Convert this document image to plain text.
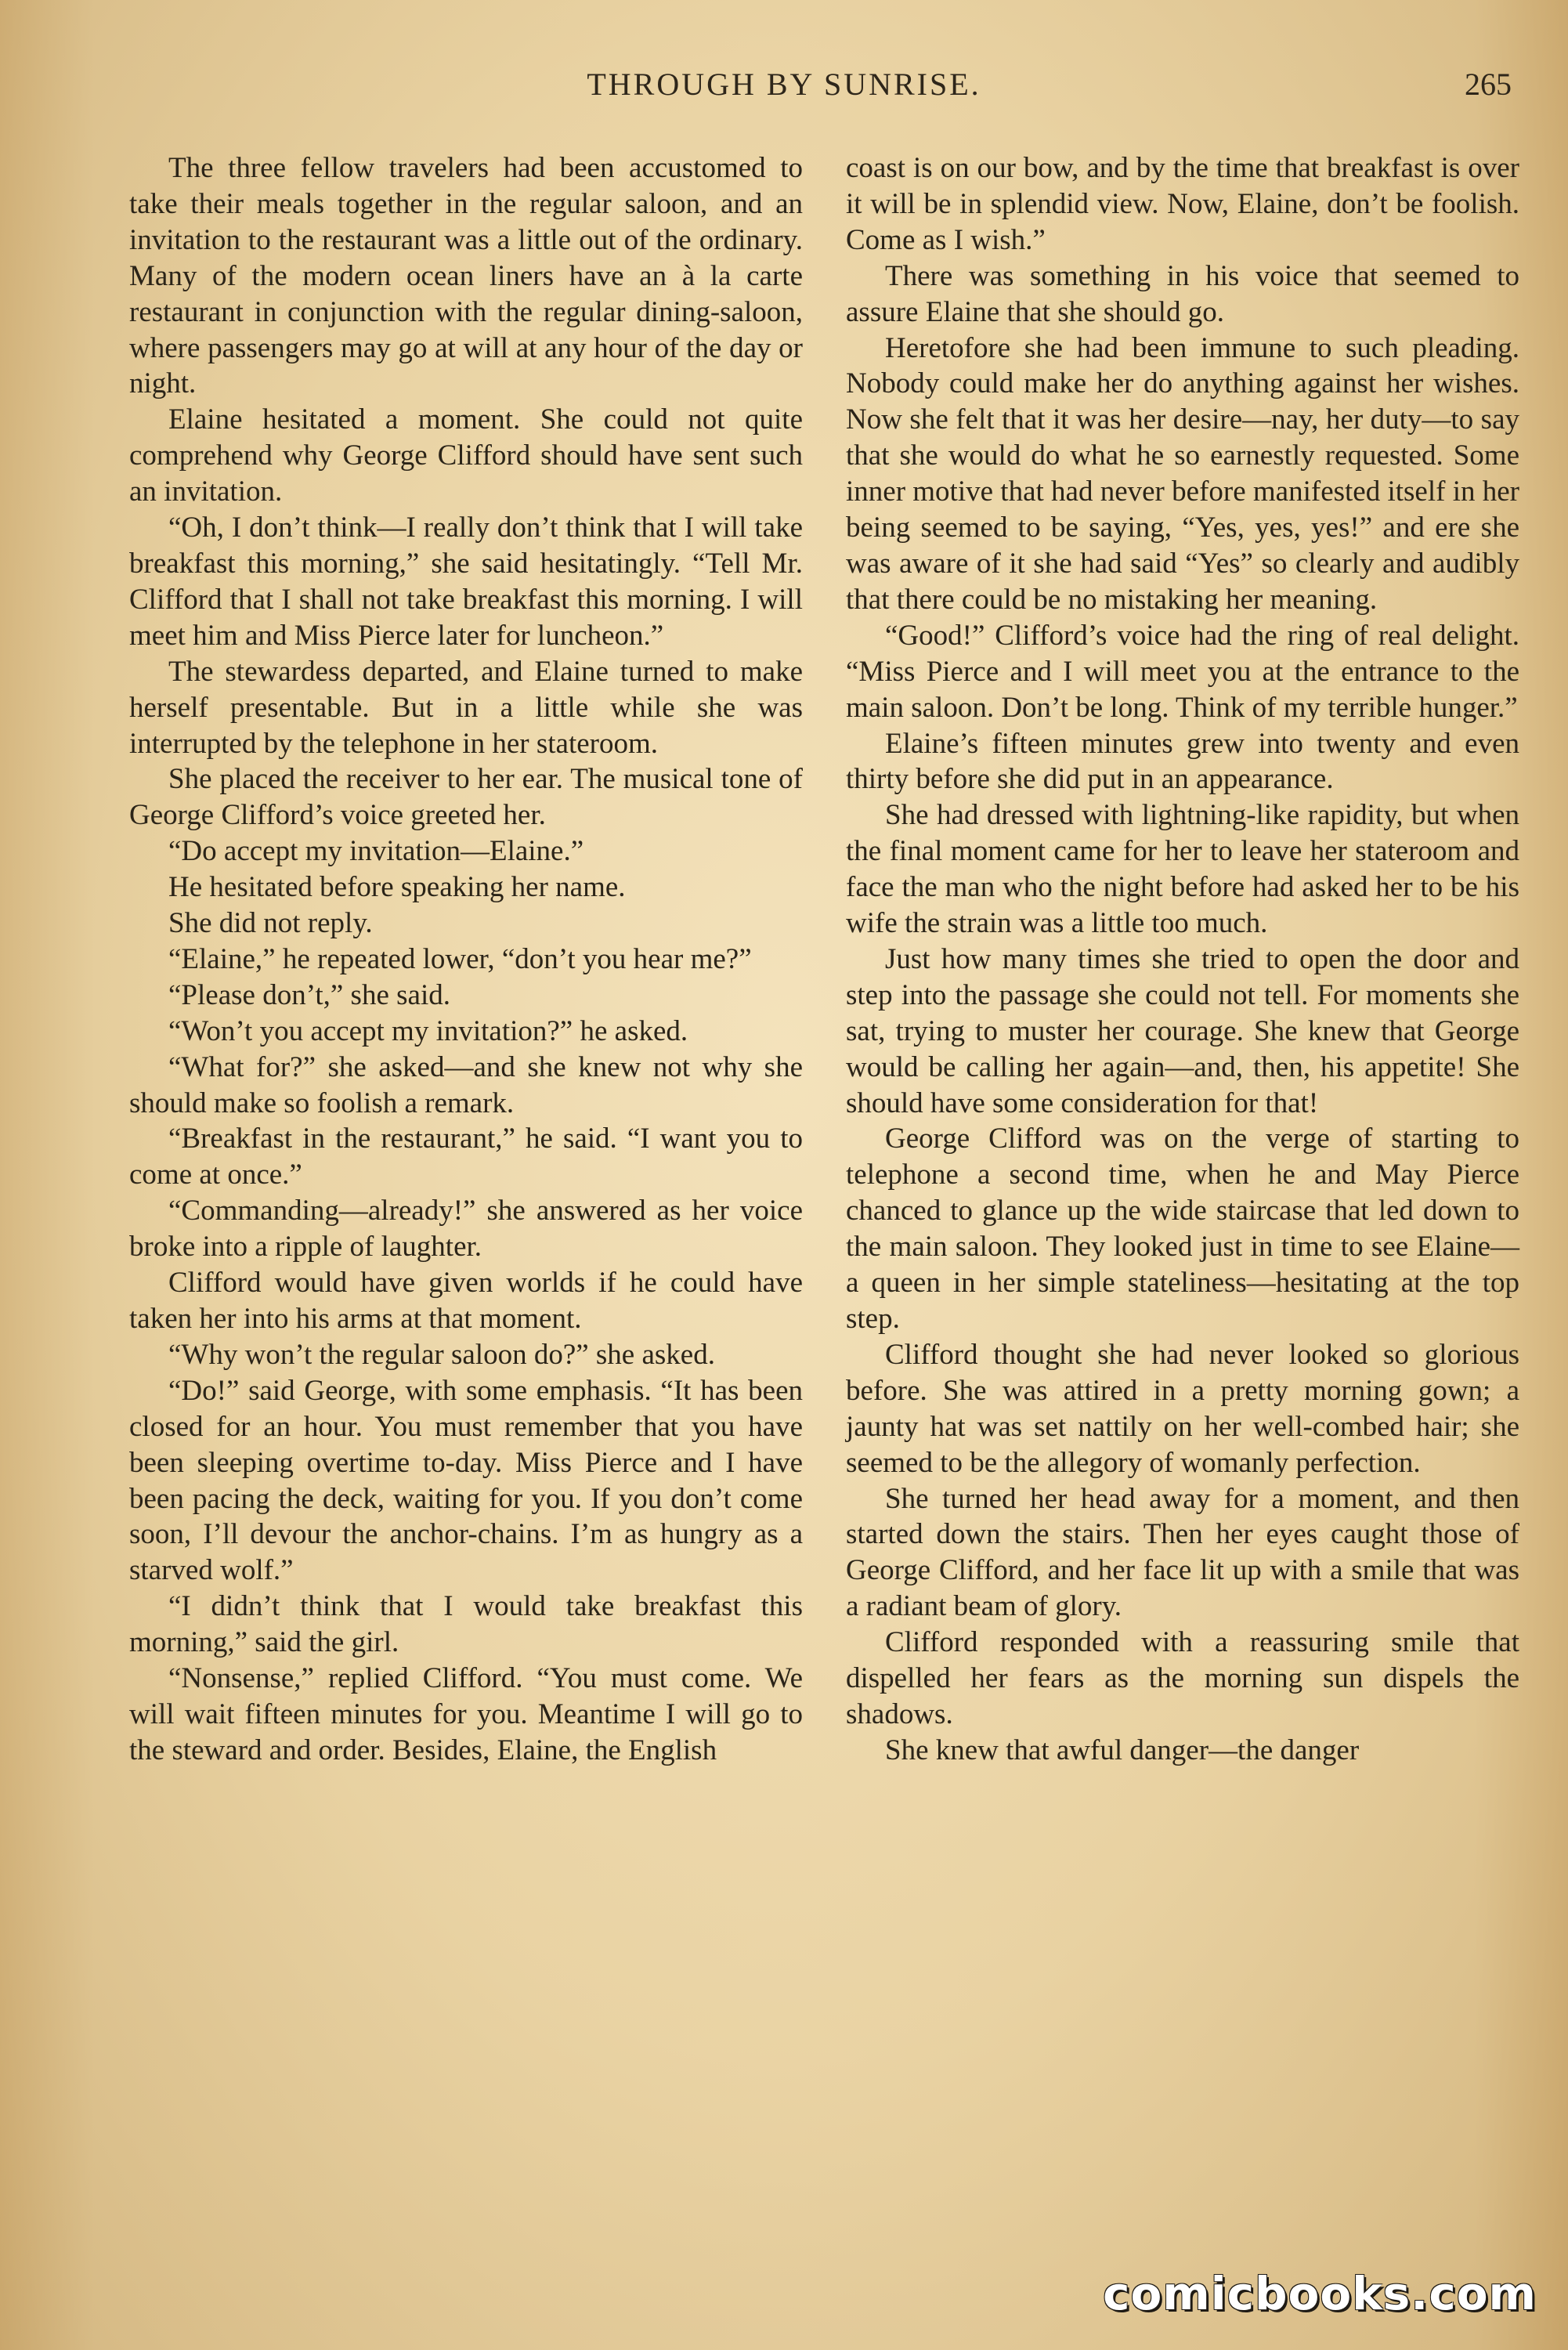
THROUGH BY SUNRISE.	265

The three fellow travelers had been accustomed to take their meals together in the regular saloon, and an invitation to the restaurant was a little out of the ordinary. Many of the modern ocean liners have an à la carte restaurant in conjunction with the regular dining-saloon, where passengers may go at will at any hour of the day or night.

Elaine hesitated a moment. She could not quite comprehend why George Clifford should have sent such an invitation.

“Oh, I don’t think—I really don’t think that I will take breakfast this morning,” she said hesitatingly. “Tell Mr. Clifford that I shall not take breakfast this morning. I will meet him and Miss Pierce later for luncheon.”

The stewardess departed, and Elaine turned to make herself presentable. But in a little while she was interrupted by the telephone in her stateroom.

She placed the receiver to her ear. The musical tone of George Clifford’s voice greeted her.

“Do accept my invitation—Elaine.”

He hesitated before speaking her name.

She did not reply.

“Elaine,” he repeated lower, “don’t you hear me?”

“Please don’t,” she said.

“Won’t you accept my invitation?” he asked.

“What for?” she asked—and she knew not why she should make so foolish a remark.

“Breakfast in the restaurant,” he said. “I want you to come at once.”

“Commanding—already!” she answered as her voice broke into a ripple of laughter.

Clifford would have given worlds if he could have taken her into his arms at that moment.

“Why won’t the regular saloon do?” she asked.

“Do!” said George, with some emphasis. “It has been closed for an hour. You must remember that you have been sleeping overtime to-day. Miss Pierce and I have been pacing the deck, waiting for you. If you don’t come soon, I’ll devour the anchor-chains. I’m as hungry as a starved wolf.”

“I didn’t think that I would take breakfast this morning,” said the girl.

“Nonsense,” replied Clifford. “You must come. We will wait fifteen minutes for you. Meantime I will go to the steward and order. Besides, Elaine, the English

coast is on our bow, and by the time that breakfast is over it will be in splendid view. Now, Elaine, don’t be foolish. Come as I wish.”

There was something in his voice that seemed to assure Elaine that she should go.

Heretofore she had been immune to such pleading. Nobody could make her do anything against her wishes. Now she felt that it was her desire—nay, her duty—to say that she would do what he so earnestly requested. Some inner motive that had never before manifested itself in her being seemed to be saying, “Yes, yes, yes!” and ere she was aware of it she had said “Yes” so clearly and audibly that there could be no mistaking her meaning.

“Good!” Clifford’s voice had the ring of real delight. “Miss Pierce and I will meet you at the entrance to the main saloon. Don’t be long. Think of my terrible hunger.”

Elaine’s fifteen minutes grew into twenty and even thirty before she did put in an appearance.

She had dressed with lightning-like rapidity, but when the final moment came for her to leave her stateroom and face the man who the night before had asked her to be his wife the strain was a little too much.

Just how many times she tried to open the door and step into the passage she could not tell. For moments she sat, trying to muster her courage. She knew that George would be calling her again—and, then, his appetite! She should have some consideration for that!

George Clifford was on the verge of starting to telephone a second time, when he and May Pierce chanced to glance up the wide staircase that led down to the main saloon. They looked just in time to see Elaine—a queen in her simple stateliness—hesitating at the top step.

Clifford thought she had never looked so glorious before. She was attired in a pretty morning gown; a jaunty hat was set nattily on her well-combed hair; she seemed to be the allegory of womanly perfection.

She turned her head away for a moment, and then started down the stairs. Then her eyes caught those of George Clifford, and her face lit up with a smile that was a radiant beam of glory.

Clifford responded with a reassuring smile that dispelled her fears as the morning sun dispels the shadows.

She knew that awful danger—the danger

comicbooks.com
